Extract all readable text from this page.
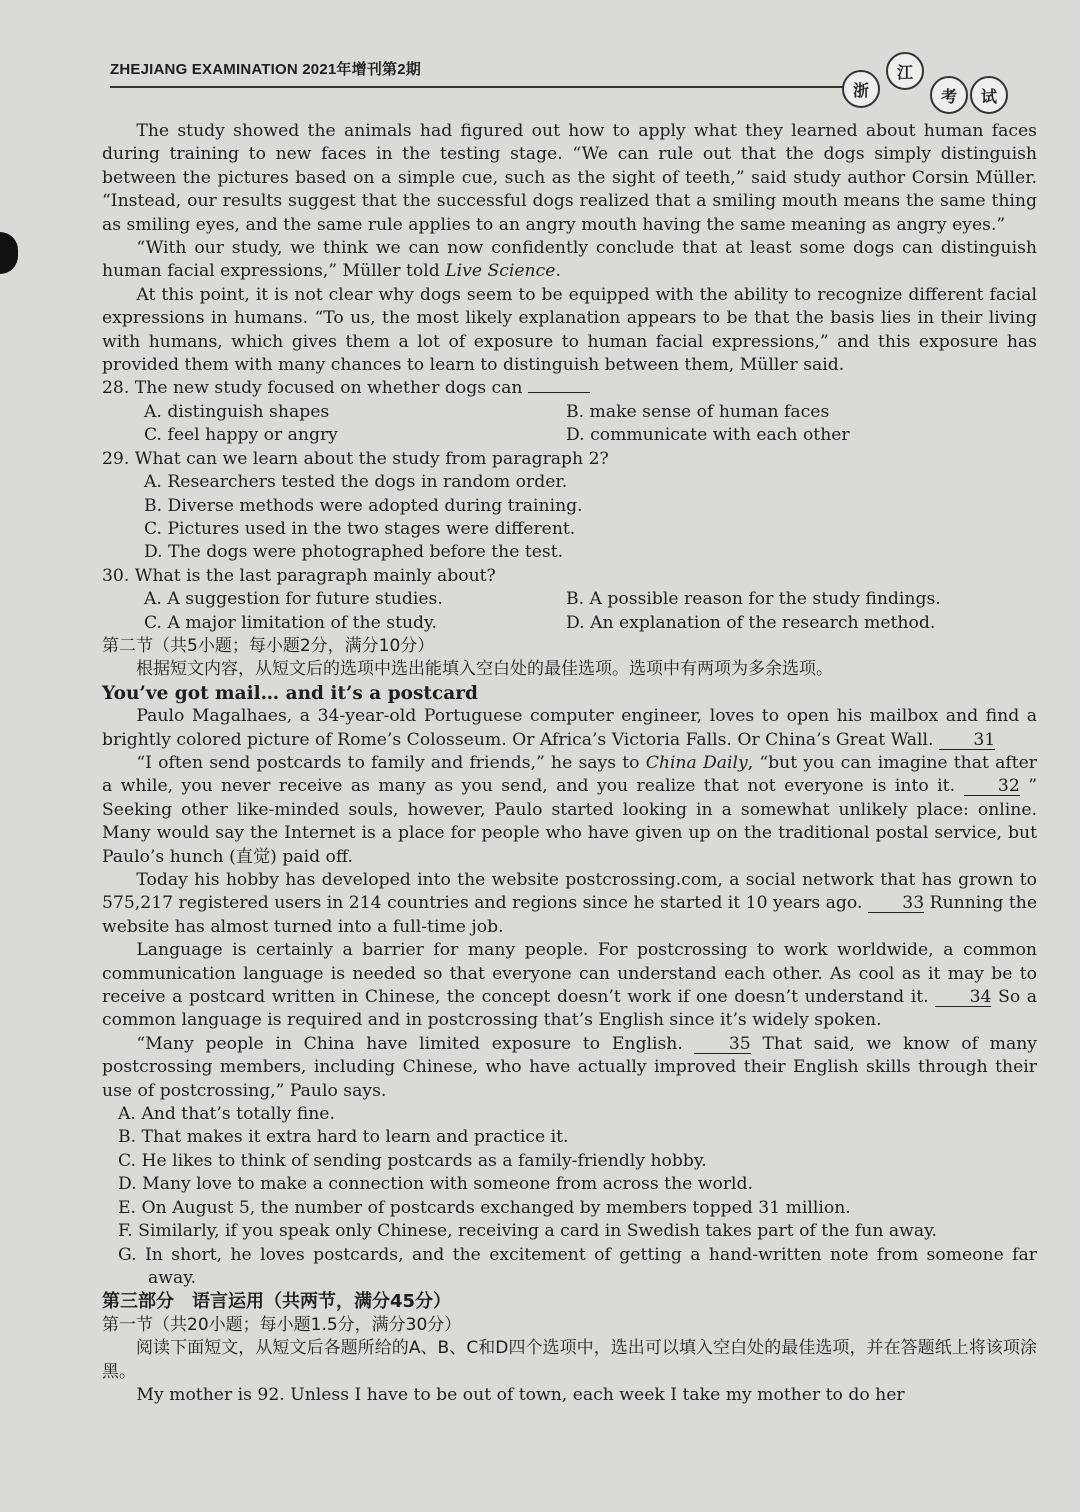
ZHEJIANG EXAMINATION 2021年增刊第2期
浙
江
考	试

The study showed the animals had figured out how to apply what they learned about human faces during training to new faces in the testing stage. “We can rule out that the dogs simply distinguish between the pictures based on a simple cue, such as the sight of teeth,” said study author Corsin Müller. “Instead, our results suggest that the successful dogs realized that a smiling mouth means the same thing as smiling eyes, and the same rule applies to an angry mouth having the same meaning as angry eyes.”

“With our study, we think we can now confidently conclude that at least some dogs can distinguish human facial expressions,” Müller told Live Science.

At this point, it is not clear why dogs seem to be equipped with the ability to recognize different facial expressions in humans. “To us, the most likely explanation appears to be that the basis lies in their living with humans, which gives them a lot of exposure to human facial expressions,” and this exposure has provided them with many chances to learn to distinguish between them, Müller said.

28. The new study focused on whether dogs can

A. distinguish shapes	B. make sense of human faces
C. feel happy or angry	D. communicate with each other

29. What can we learn about the study from paragraph 2?

A. Researchers tested the dogs in random order.

B. Diverse methods were adopted during training.

C. Pictures used in the two stages were different.

D. The dogs were photographed before the test.

30. What is the last paragraph mainly about?

A. A suggestion for future studies.	B. A possible reason for the study findings.
C. A major limitation of the study.	D. An explanation of the research method.

第二节（共5小题；每小题2分，满分10分）

根据短文内容，从短文后的选项中选出能填入空白处的最佳选项。选项中有两项为多余选项。

You’ve got mail… and it’s a postcard

Paulo Magalhaes, a 34-year-old Portuguese computer engineer, loves to open his mailbox and find a brightly colored picture of Rome’s Colosseum. Or Africa’s Victoria Falls. Or China’s Great Wall. 31

“I often send postcards to family and friends,” he says to China Daily, “but you can imagine that after a while, you never receive as many as you send, and you realize that not everyone is into it. 32 ” Seeking other like-minded souls, however, Paulo started looking in a somewhat unlikely place: online. Many would say the Internet is a place for people who have given up on the traditional postal service, but Paulo’s hunch (直觉) paid off.

Today his hobby has developed into the website postcrossing.com, a social network that has grown to 575,217 registered users in 214 countries and regions since he started it 10 years ago. 33 Running the website has almost turned into a full-time job.

Language is certainly a barrier for many people. For postcrossing to work worldwide, a common communication language is needed so that everyone can understand each other. As cool as it may be to receive a postcard written in Chinese, the concept doesn’t work if one doesn’t understand it. 34 So a common language is required and in postcrossing that’s English since it’s widely spoken.

“Many people in China have limited exposure to English.	35 That said, we know of many postcrossing members, including Chinese, who have actually improved their English skills through their use of postcrossing,” Paulo says.

A. And that’s totally fine.

B. That makes it extra hard to learn and practice it.

C. He likes to think of sending postcards as a family-friendly hobby.

D. Many love to make a connection with someone from across the world.

E. On August 5, the number of postcards exchanged by members topped 31 million.

F. Similarly, if you speak only Chinese, receiving a card in Swedish takes part of the fun away.

G. In short, he loves postcards, and the excitement of getting a hand-written note from someone far away.

第三部分　语言运用（共两节，满分45分）

第一节（共20小题；每小题1.5分，满分30分）

阅读下面短文，从短文后各题所给的A、B、C和D四个选项中，选出可以填入空白处的最佳选项，并在答题纸上将该项涂黑。

My mother is 92. Unless I have to be out of town, each week I take my mother to do her
